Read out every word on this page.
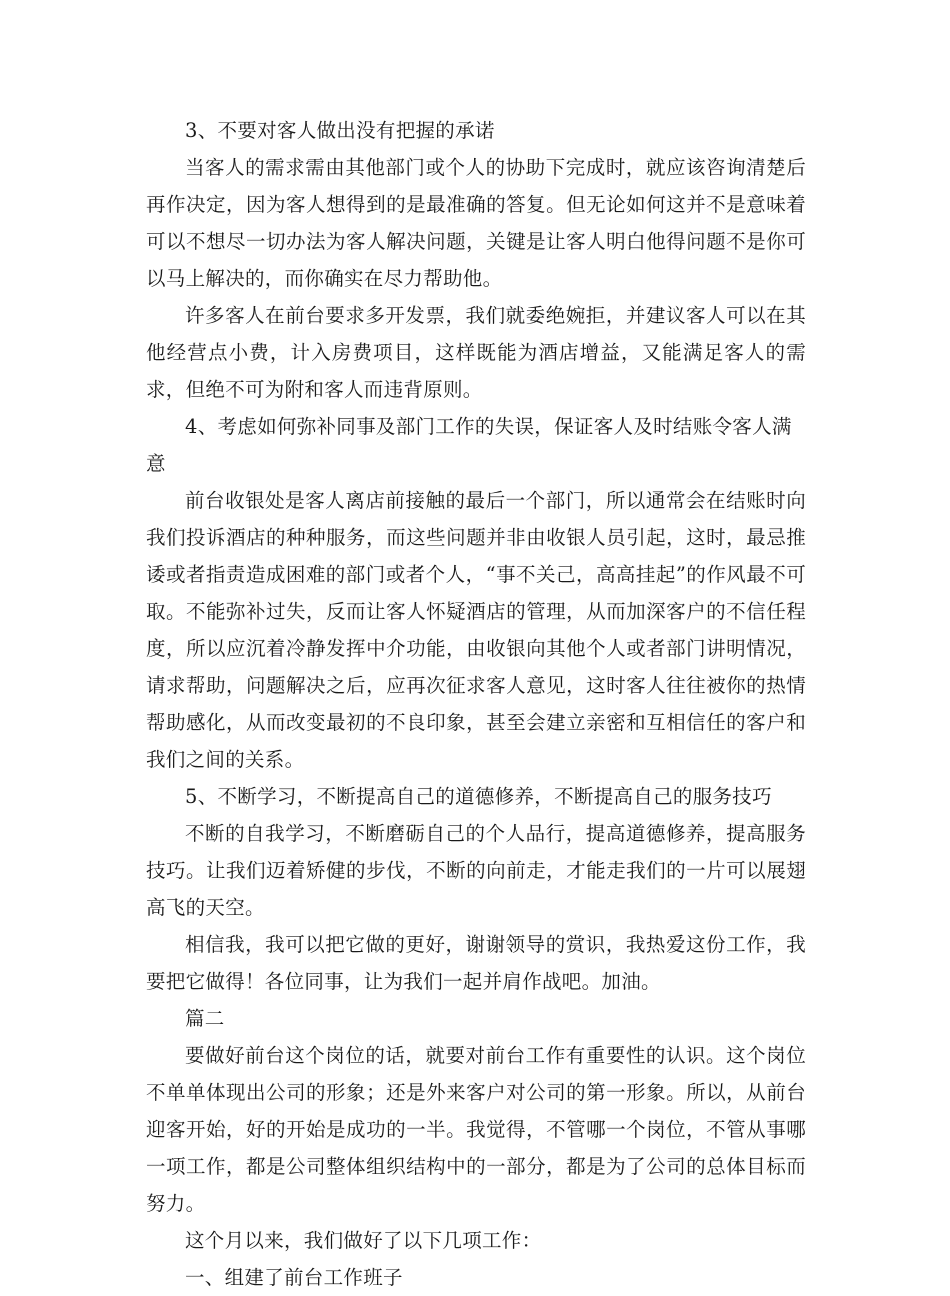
3、不要对客人做出没有把握的承诺

当客人的需求需由其他部门或个人的协助下完成时，就应该咨询清楚后再作决定，因为客人想得到的是最准确的答复。但无论如何这并不是意味着可以不想尽一切办法为客人解决问题，关键是让客人明白他得问题不是你可以马上解决的，而你确实在尽力帮助他。

许多客人在前台要求多开发票，我们就委绝婉拒，并建议客人可以在其他经营点小费，计入房费项目，这样既能为酒店增益，又能满足客人的需求，但绝不可为附和客人而违背原则。

4、考虑如何弥补同事及部门工作的失误，保证客人及时结账令客人满意

前台收银处是客人离店前接触的最后一个部门，所以通常会在结账时向我们投诉酒店的种种服务，而这些问题并非由收银人员引起，这时，最忌推诿或者指责造成困难的部门或者个人，“事不关己，高高挂起”的作风最不可取。不能弥补过失，反而让客人怀疑酒店的管理，从而加深客户的不信任程度，所以应沉着冷静发挥中介功能，由收银向其他个人或者部门讲明情况，请求帮助，问题解决之后，应再次征求客人意见，这时客人往往被你的热情帮助感化，从而改变最初的不良印象，甚至会建立亲密和互相信任的客户和我们之间的关系。

5、不断学习，不断提高自己的道德修养，不断提高自己的服务技巧

不断的自我学习，不断磨砺自己的个人品行，提高道德修养，提高服务技巧。让我们迈着矫健的步伐，不断的向前走，才能走我们的一片可以展翅高飞的天空。

相信我，我可以把它做的更好，谢谢领导的赏识，我热爱这份工作，我要把它做得！各位同事，让为我们一起并肩作战吧。加油。

篇二

要做好前台这个岗位的话，就要对前台工作有重要性的认识。这个岗位不单单体现出公司的形象；还是外来客户对公司的第一形象。所以，从前台迎客开始，好的开始是成功的一半。我觉得，不管哪一个岗位，不管从事哪一项工作，都是公司整体组织结构中的一部分，都是为了公司的总体目标而努力。

这个月以来，我们做好了以下几项工作：

一、组建了前台工作班子
